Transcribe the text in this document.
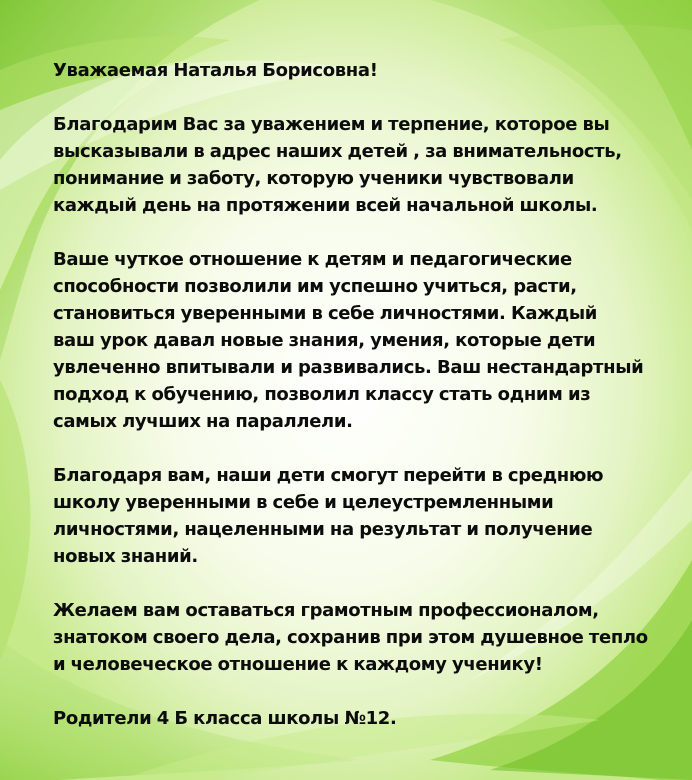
Уважаемая Наталья Борисовна!
Благодарим Вас за уважением и терпение, которое вы
высказывали в адрес наших детей , за внимательность,
понимание и заботу, которую ученики чувствовали
каждый день на протяжении всей начальной школы.
Ваше чуткое отношение к детям и педагогические
способности позволили им успешно учиться, расти,
становиться уверенными в себе личностями. Каждый
ваш урок давал новые знания, умения, которые дети
увлеченно впитывали и развивались. Ваш нестандартный
подход к обучению, позволил классу стать одним из
самых лучших на параллели.
Благодаря вам, наши дети смогут перейти в среднюю
школу уверенными в себе и целеустремленными
личностями, нацеленными на результат и получение
новых знаний.
Желаем вам оставаться грамотным профессионалом,
знатоком своего дела, сохранив при этом душевное тепло
и человеческое отношение к каждому ученику!
Родители 4 Б класса школы №12.
